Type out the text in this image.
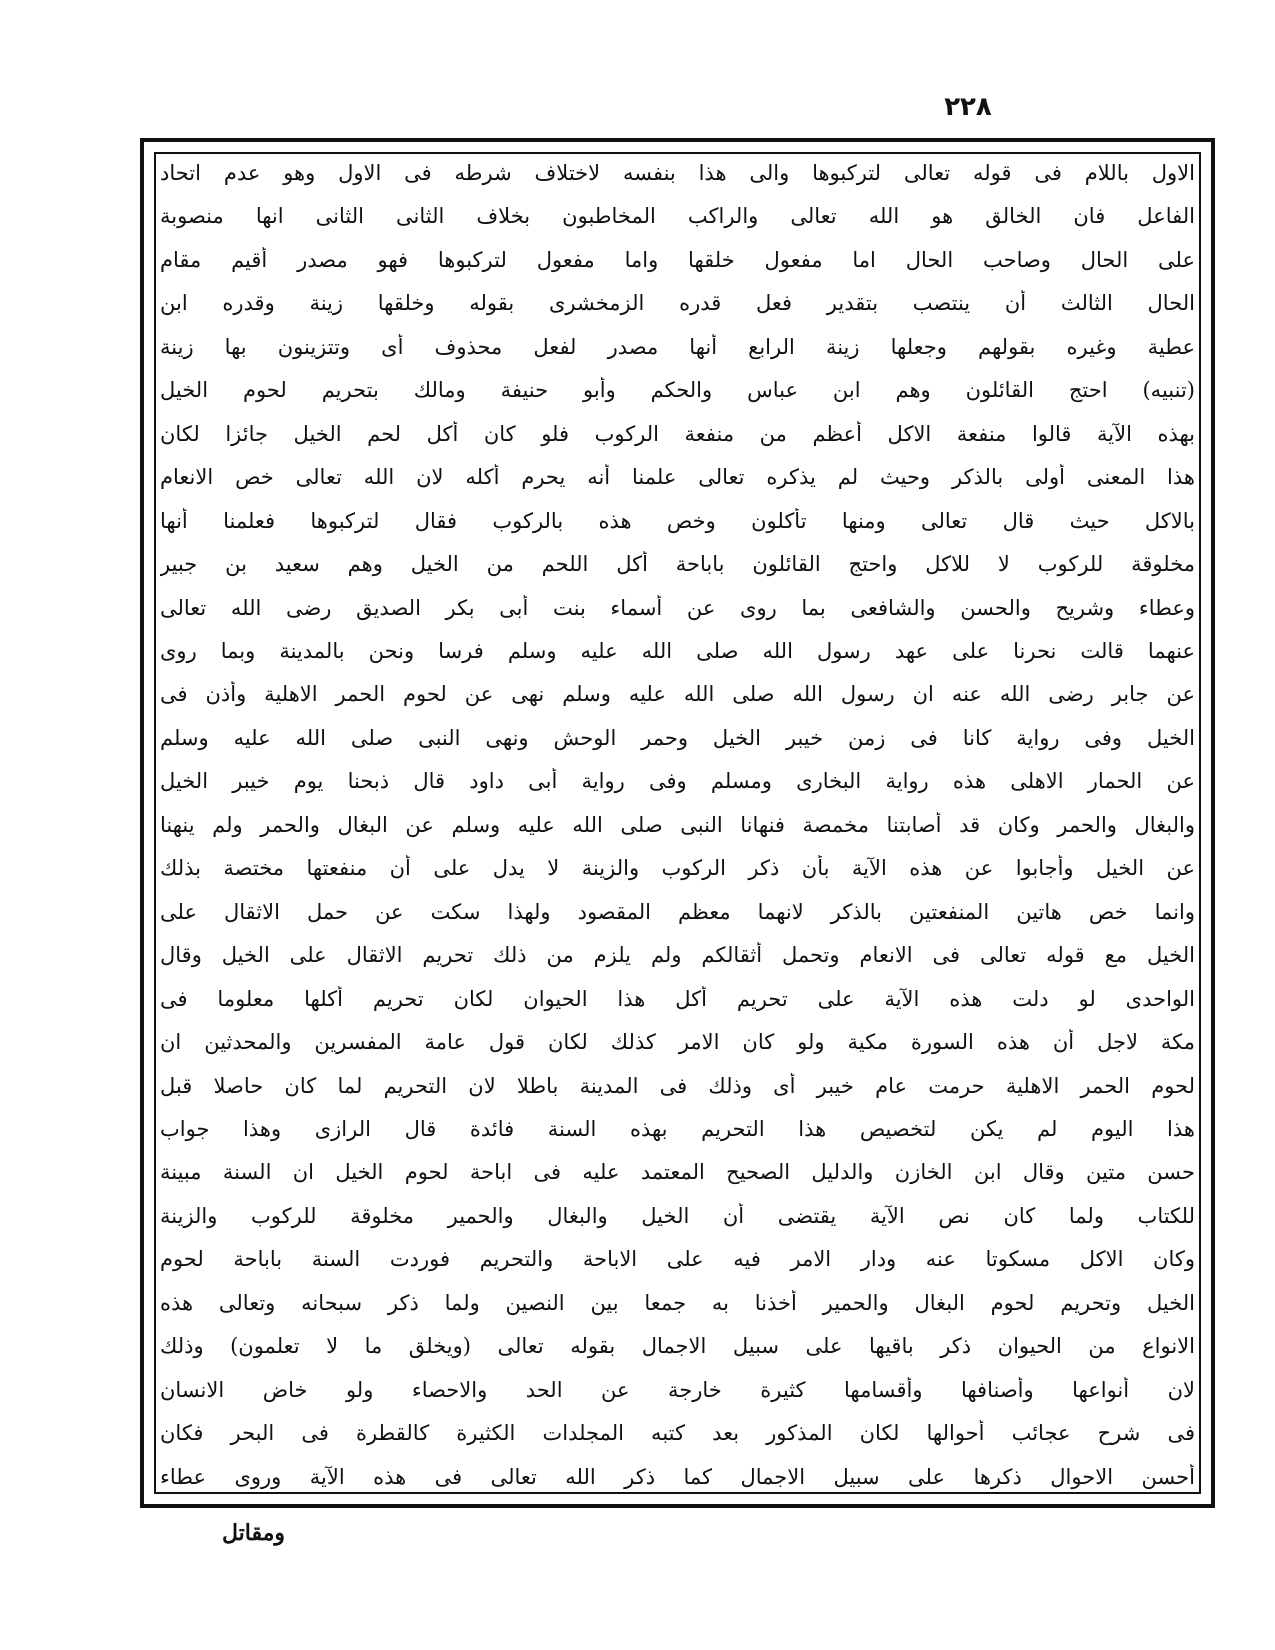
٢٢٨
الاول باللام فى قوله تعالى لتركبوها والى هذا بنفسه لاختلاف شرطه فى الاول وهو عدم اتحاد
الفاعل فان الخالق هو الله تعالى والراكب المخاطبون بخلاف الثانى الثانى انها منصوبة
على الحال وصاحب الحال اما مفعول خلقها واما مفعول لتركبوها فهو مصدر أقيم مقام
الحال الثالث أن ينتصب بتقدير فعل قدره الزمخشرى بقوله وخلقها زينة وقدره ابن
عطية وغيره بقولهم وجعلها زينة الرابع أنها مصدر لفعل محذوف أى وتتزينون بها زينة
(تنبيه) احتج القائلون وهم ابن عباس والحكم وأبو حنيفة ومالك بتحريم لحوم الخيل
بهذه الآية قالوا منفعة الاكل أعظم من منفعة الركوب فلو كان أكل لحم الخيل جائزا لكان
هذا المعنى أولى بالذكر وحيث لم يذكره تعالى علمنا أنه يحرم أكله لان الله تعالى خص الانعام
بالاكل حيث قال تعالى ومنها تأكلون وخص هذه بالركوب فقال لتركبوها فعلمنا أنها
مخلوقة للركوب لا للاكل واحتج القائلون باباحة أكل اللحم من الخيل وهم سعيد بن جبير
وعطاء وشريح والحسن والشافعى بما روى عن أسماء بنت أبى بكر الصديق رضى الله تعالى
عنهما قالت نحرنا على عهد رسول الله صلى الله عليه وسلم فرسا ونحن بالمدينة وبما روى
عن جابر رضى الله عنه ان رسول الله صلى الله عليه وسلم نهى عن لحوم الحمر الاهلية وأذن فى
الخيل وفى رواية كانا فى زمن خيبر الخيل وحمر الوحش ونهى النبى صلى الله عليه وسلم
عن الحمار الاهلى هذه رواية البخارى ومسلم وفى رواية أبى داود قال ذبحنا يوم خيبر الخيل
والبغال والحمر وكان قد أصابتنا مخمصة فنهانا النبى صلى الله عليه وسلم عن البغال والحمر ولم ينهنا
عن الخيل وأجابوا عن هذه الآية بأن ذكر الركوب والزينة لا يدل على أن منفعتها مختصة بذلك
وانما خص هاتين المنفعتين بالذكر لانهما معظم المقصود ولهذا سكت عن حمل الاثقال على
الخيل مع قوله تعالى فى الانعام وتحمل أثقالكم ولم يلزم من ذلك تحريم الاثقال على الخيل وقال
الواحدى لو دلت هذه الآية على تحريم أكل هذا الحيوان لكان تحريم أكلها معلوما فى
مكة لاجل أن هذه السورة مكية ولو كان الامر كذلك لكان قول عامة المفسرين والمحدثين ان
لحوم الحمر الاهلية حرمت عام خيبر أى وذلك فى المدينة باطلا لان التحريم لما كان حاصلا قبل
هذا اليوم لم يكن لتخصيص هذا التحريم بهذه السنة فائدة قال الرازى وهذا جواب
حسن متين وقال ابن الخازن والدليل الصحيح المعتمد عليه فى اباحة لحوم الخيل ان السنة مبينة
للكتاب ولما كان نص الآية يقتضى أن الخيل والبغال والحمير مخلوقة للركوب والزينة
وكان الاكل مسكوتا عنه ودار الامر فيه على الاباحة والتحريم فوردت السنة باباحة لحوم
الخيل وتحريم لحوم البغال والحمير أخذنا به جمعا بين النصين ولما ذكر سبحانه وتعالى هذه
الانواع من الحيوان ذكر باقيها على سبيل الاجمال بقوله تعالى (ويخلق ما لا تعلمون) وذلك
لان أنواعها وأصنافها وأقسامها كثيرة خارجة عن الحد والاحصاء ولو خاض الانسان
فى شرح عجائب أحوالها لكان المذكور بعد كتبه المجلدات الكثيرة كالقطرة فى البحر فكان
أحسن الاحوال ذكرها على سبيل الاجمال كما ذكر الله تعالى فى هذه الآية وروى عطاء
ومقاتل
